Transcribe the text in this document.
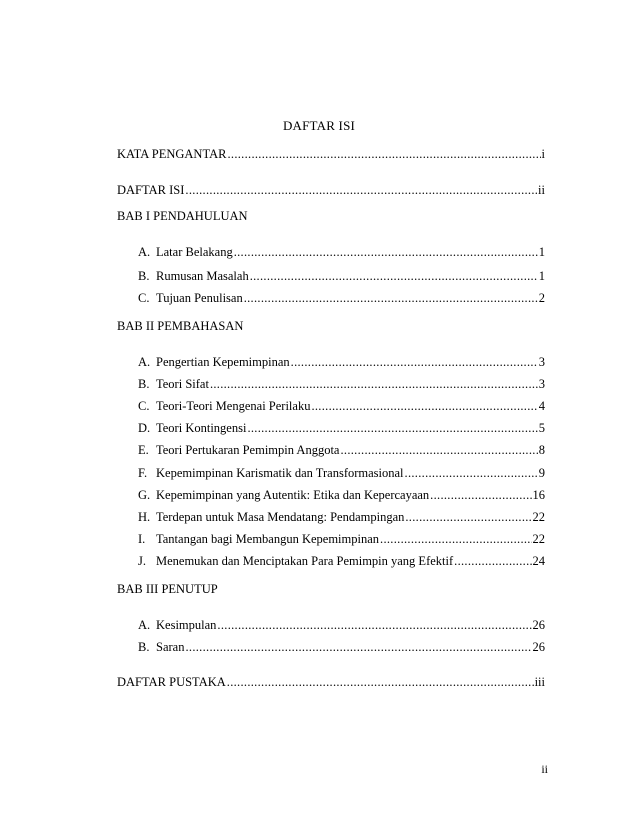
DAFTAR ISI
KATA PENGANTAR .....	i
DAFTAR ISI .....	ii
BAB I PENDAHULUAN
A. Latar Belakang .....	1
B. Rumusan Masalah .....	1
C. Tujuan Penulisan .....	2
BAB II PEMBAHASAN
A. Pengertian Kepemimpinan .....	3
B. Teori Sifat .....	3
C. Teori-Teori Mengenai Perilaku .....	4
D. Teori Kontingensi .....	5
E. Teori Pertukaran Pemimpin Anggota .....	8
F. Kepemimpinan Karismatik dan Transformasional .....	9
G. Kepemimpinan yang Autentik: Etika dan Kepercayaan .....	16
H. Terdepan untuk Masa Mendatang: Pendampingan .....	22
I. Tantangan bagi Membangun Kepemimpinan .....	22
J. Menemukan dan Menciptakan Para Pemimpin yang Efektif .....	24
BAB III PENUTUP
A. Kesimpulan .....	26
B. Saran .....	26
DAFTAR PUSTAKA .....	iii
ii
